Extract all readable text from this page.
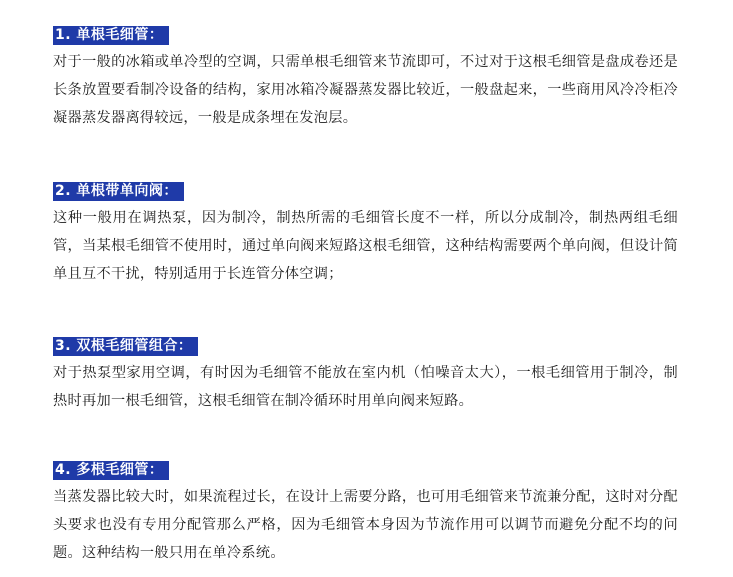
1. 单根毛细管：

对于一般的冰箱或单冷型的空调，只需单根毛细管来节流即可，不过对于这根毛细管是盘成卷还是长条放置要看制冷设备的结构，家用冰箱冷凝器蒸发器比较近，一般盘起来，一些商用风冷冷柜冷凝器蒸发器离得较远，一般是成条埋在发泡层。

2. 单根带单向阀：

这种一般用在调热泵，因为制冷，制热所需的毛细管长度不一样，所以分成制冷，制热两组毛细管，当某根毛细管不使用时，通过单向阀来短路这根毛细管，这种结构需要两个单向阀，但设计简单且互不干扰，特别适用于长连管分体空调；

3. 双根毛细管组合：

对于热泵型家用空调，有时因为毛细管不能放在室内机（怕噪音太大），一根毛细管用于制冷，制热时再加一根毛细管，这根毛细管在制冷循环时用单向阀来短路。

4. 多根毛细管：

当蒸发器比较大时，如果流程过长，在设计上需要分路，也可用毛细管来节流兼分配，这时对分配头要求也没有专用分配管那么严格，因为毛细管本身因为节流作用可以调节而避免分配不均的问题。这种结构一般只用在单冷系统。
